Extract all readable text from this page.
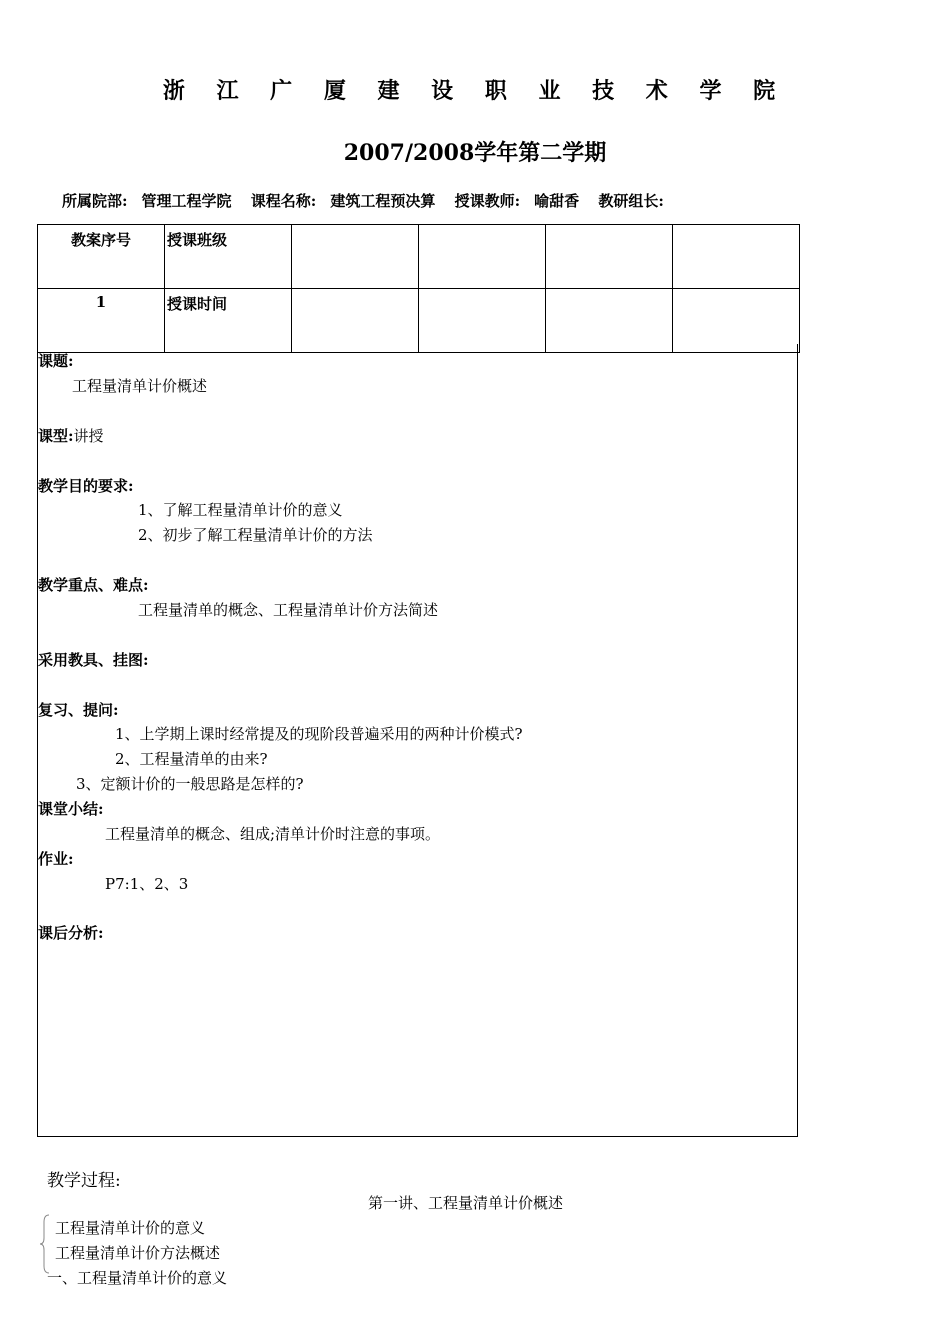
浙 江 广 厦 建 设 职 业 技 术 学 院
2007/2008学年第二学期
所属院部: 管理工程学院 课程名称: 建筑工程预决算 授课教师: 喻甜香 教研组长:
教案序号	授课班级				
1	授课时间				
课题:
工程量清单计价概述
课型:讲授
教学目的要求:
1、了解工程量清单计价的意义
2、初步了解工程量清单计价的方法
教学重点、难点:
工程量清单的概念、工程量清单计价方法简述
采用教具、挂图:
复习、提问:
1、上学期上课时经常提及的现阶段普遍采用的两种计价模式?
2、工程量清单的由来?
3、定额计价的一般思路是怎样的?
课堂小结:
工程量清单的概念、组成;清单计价时注意的事项。
作业:
P7:1、2、3
课后分析:
教学过程:
第一讲、工程量清单计价概述
工程量清单计价的意义
工程量清单计价方法概述
一、工程量清单计价的意义
